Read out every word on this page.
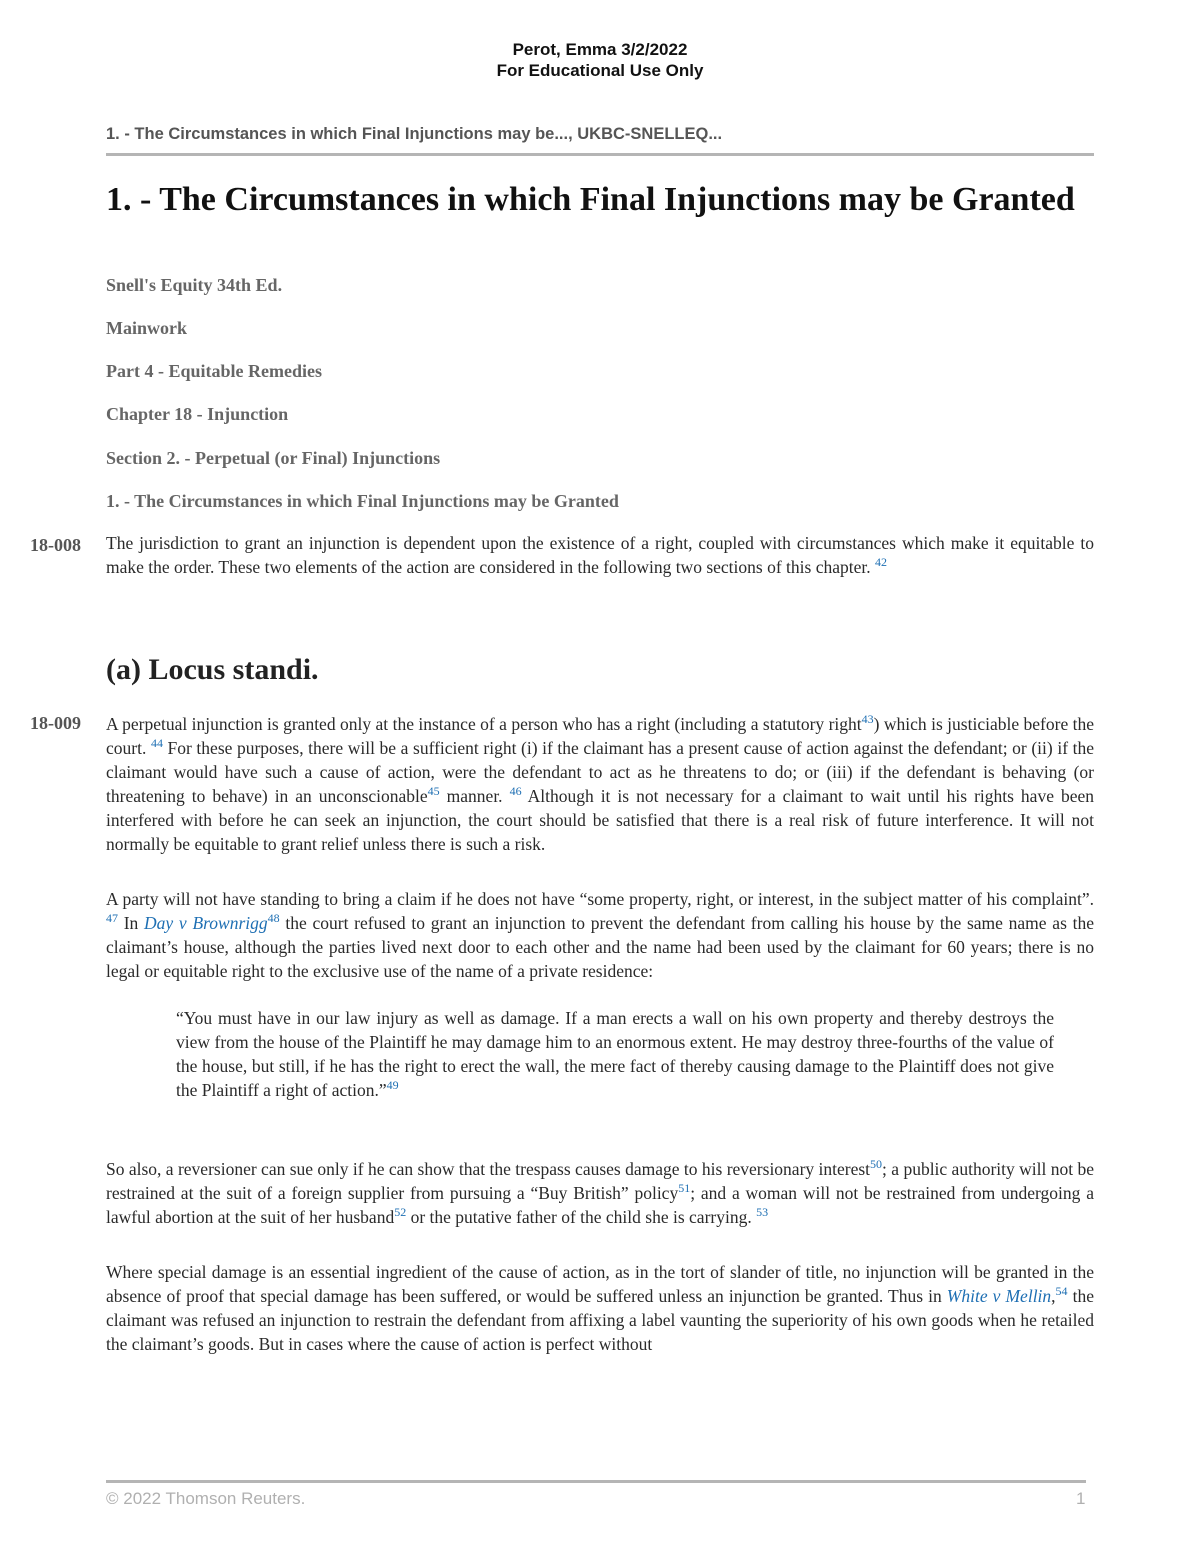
Perot, Emma 3/2/2022
For Educational Use Only
1. - The Circumstances in which Final Injunctions may be..., UKBC-SNELLEQ...
1. - The Circumstances in which Final Injunctions may be Granted
Snell's Equity 34th Ed.
Mainwork
Part 4 - Equitable Remedies
Chapter 18 - Injunction
Section 2. - Perpetual (or Final) Injunctions
1. - The Circumstances in which Final Injunctions may be Granted
18-008 The jurisdiction to grant an injunction is dependent upon the existence of a right, coupled with circumstances which make it equitable to make the order. These two elements of the action are considered in the following two sections of this chapter. $^{42}$

(a) Locus standi.
18-009 A perpetual injunction is granted only at the instance of a person who has a right (including a statutory right$^{43}$) which is justiciable before the court. $^{44}$ For these purposes, there will be a sufficient right (i) if the claimant has a present cause of action against the defendant; or (ii) if the claimant would have such a cause of action, were the defendant to act as he threatens to do; or (iii) if the defendant is behaving (or threatening to behave) in an unconscionable$^{45}$ manner. $^{46}$ Although it is not necessary for a claimant to wait until his rights have been interfered with before he can seek an injunction, the court should be satisfied that there is a real risk of future interference. It will not normally be equitable to grant relief unless there is such a risk.

A party will not have standing to bring a claim if he does not have “some property, right, or interest, in the subject matter of his complaint”. $^{47}$ In Day v Brownrigg$^{48}$ the court refused to grant an injunction to prevent the defendant from calling his house by the same name as the claimant’s house, although the parties lived next door to each other and the name had been used by the claimant for 60 years; there is no legal or equitable right to the exclusive use of the name of a private residence:

“You must have in our law injury as well as damage. If a man erects a wall on his own property and thereby destroys the view from the house of the Plaintiff he may damage him to an enormous extent. He may destroy three-fourths of the value of the house, but still, if he has the right to erect the wall, the mere fact of thereby causing damage to the Plaintiff does not give the Plaintiff a right of action.”$^{49}$

So also, a reversioner can sue only if he can show that the trespass causes damage to his reversionary interest$^{50}$; a public authority will not be restrained at the suit of a foreign supplier from pursuing a “Buy British” policy$^{51}$; and a woman will not be restrained from undergoing a lawful abortion at the suit of her husband$^{52}$ or the putative father of the child she is carrying. $^{53}$

Where special damage is an essential ingredient of the cause of action, as in the tort of slander of title, no injunction will be granted in the absence of proof that special damage has been suffered, or would be suffered unless an injunction be granted. Thus in White v Mellin,$^{54}$ the claimant was refused an injunction to restrain the defendant from affixing a label vaunting the superiority of his own goods when he retailed the claimant’s goods. But in cases where the cause of action is perfect without

© 2022 Thomson Reuters.	1
